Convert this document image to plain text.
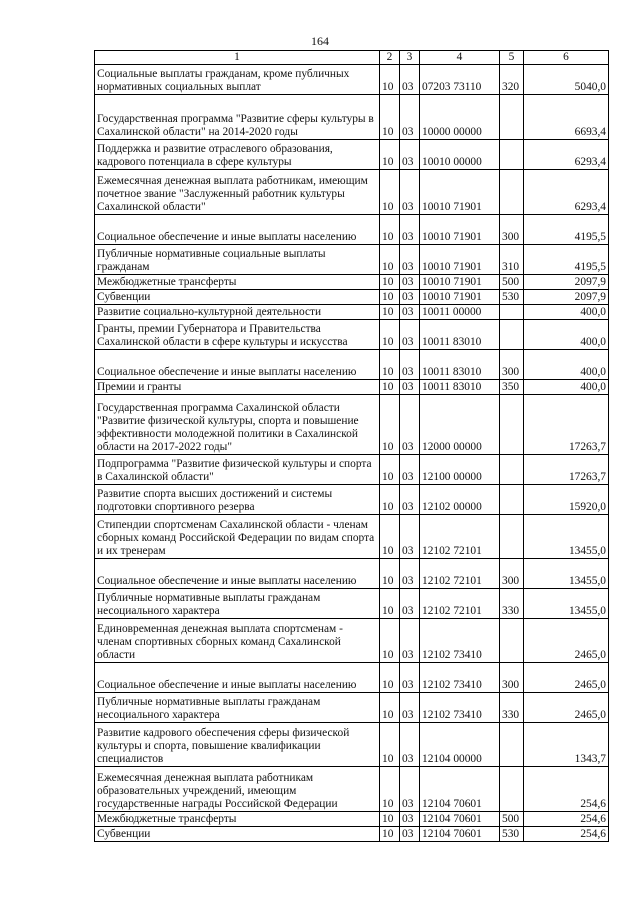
164
1	2	3	4	5	6
Социальные выплаты гражданам, кроме публичных нормативных социальных выплат	10	03	07203 73110	320	5040,0
Государственная программа "Развитие сферы культуры в Сахалинской области" на 2014-2020 годы	10	03	10000 00000		6693,4
Поддержка и развитие отраслевого образования, кадрового потенциала в сфере культуры	10	03	10010 00000		6293,4
Ежемесячная денежная выплата работникам, имеющим почетное звание "Заслуженный работник культуры Сахалинской области"	10	03	10010 71901		6293,4
Социальное обеспечение и иные выплаты населению	10	03	10010 71901	300	4195,5
Публичные нормативные социальные выплаты гражданам	10	03	10010 71901	310	4195,5
Межбюджетные трансферты	10	03	10010 71901	500	2097,9
Субвенции	10	03	10010 71901	530	2097,9
Развитие социально-культурной деятельности	10	03	10011 00000		400,0
Гранты, премии Губернатора и Правительства Сахалинской области в сфере культуры и искусства	10	03	10011 83010		400,0
Социальное обеспечение и иные выплаты населению	10	03	10011 83010	300	400,0
Премии и гранты	10	03	10011 83010	350	400,0
Государственная программа Сахалинской области "Развитие физической культуры, спорта и повышение эффективности молодежной политики в Сахалинской области на 2017-2022 годы"	10	03	12000 00000		17263,7
Подпрограмма "Развитие физической культуры и спорта в Сахалинской области"	10	03	12100 00000		17263,7
Развитие спорта высших достижений и системы подготовки спортивного резерва	10	03	12102 00000		15920,0
Стипендии спортсменам Сахалинской области - членам сборных команд Российской Федерации по видам спорта и их тренерам	10	03	12102 72101		13455,0
Социальное обеспечение и иные выплаты населению	10	03	12102 72101	300	13455,0
Публичные нормативные выплаты гражданам несоциального характера	10	03	12102 72101	330	13455,0
Единовременная денежная выплата спортсменам - членам спортивных сборных команд Сахалинской области	10	03	12102 73410		2465,0
Социальное обеспечение и иные выплаты населению	10	03	12102 73410	300	2465,0
Публичные нормативные выплаты гражданам несоциального характера	10	03	12102 73410	330	2465,0
Развитие кадрового обеспечения сферы физической культуры и спорта, повышение квалификации специалистов	10	03	12104 00000		1343,7
Ежемесячная денежная выплата работникам образовательных учреждений, имеющим государственные награды Российской Федерации	10	03	12104 70601		254,6
Межбюджетные трансферты	10	03	12104 70601	500	254,6
Субвенции	10	03	12104 70601	530	254,6
